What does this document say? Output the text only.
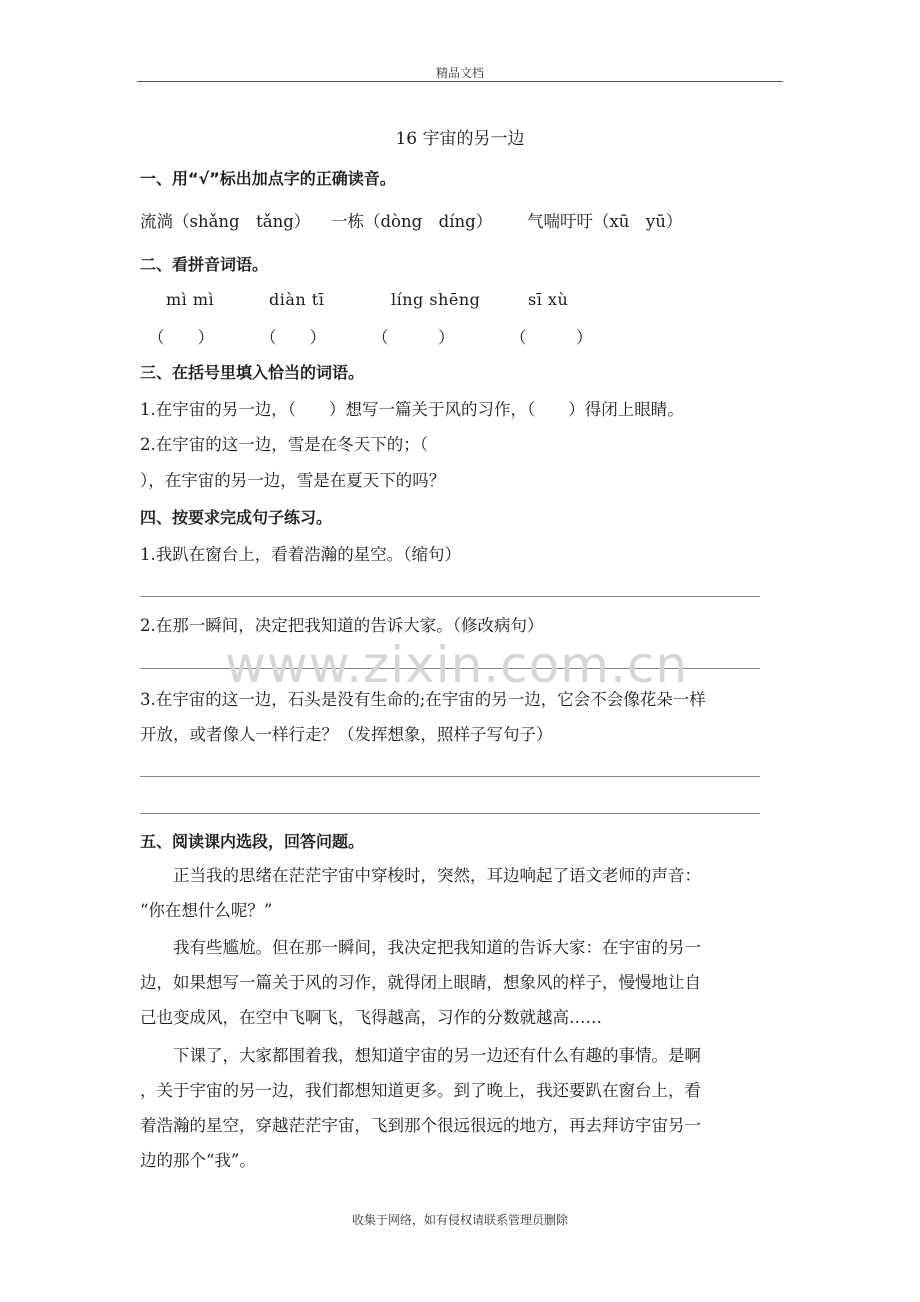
精品文档
16 宇宙的另一边
一、用“√”标出加点字的正确读音。
流淌（shǎng　tǎng） 一栋（dòng　díng） 气喘吁吁（xū　yū）
二、看拼音词语。
mì mì	diàn tī	líng shēng	sī xù
（　　）	（　　）	（　　　）	（　　　）
三、在括号里填入恰当的词语。
1.在宇宙的另一边，（　　）想写一篇关于风的习作，（　　）得闭上眼睛。
2.在宇宙的这一边，雪是在冬天下的；（
），在宇宙的另一边，雪是在夏天下的吗？
四、按要求完成句子练习。
1.我趴在窗台上，看着浩瀚的星空。（缩句）
2.在那一瞬间，决定把我知道的告诉大家。（修改病句）
www.zixin.com.cn
3.在宇宙的这一边，石头是没有生命的;在宇宙的另一边，它会不会像花朵一样
开放，或者像人一样行走？（发挥想象，照样子写句子）
五、阅读课内选段，回答问题。
　　正当我的思绪在茫茫宇宙中穿梭时，突然，耳边响起了语文老师的声音：
“你在想什么呢？”
　　我有些尴尬。但在那一瞬间，我决定把我知道的告诉大家：在宇宙的另一
边，如果想写一篇关于风的习作，就得闭上眼睛，想象风的样子，慢慢地让自
己也变成风，在空中飞啊飞，飞得越高，习作的分数就越高……
　　下课了，大家都围着我，想知道宇宙的另一边还有什么有趣的事情。是啊
，关于宇宙的另一边，我们都想知道更多。到了晚上，我还要趴在窗台上，看
着浩瀚的星空，穿越茫茫宇宙，飞到那个很远很远的地方，再去拜访宇宙另一
边的那个“我”。
收集于网络，如有侵权请联系管理员删除
